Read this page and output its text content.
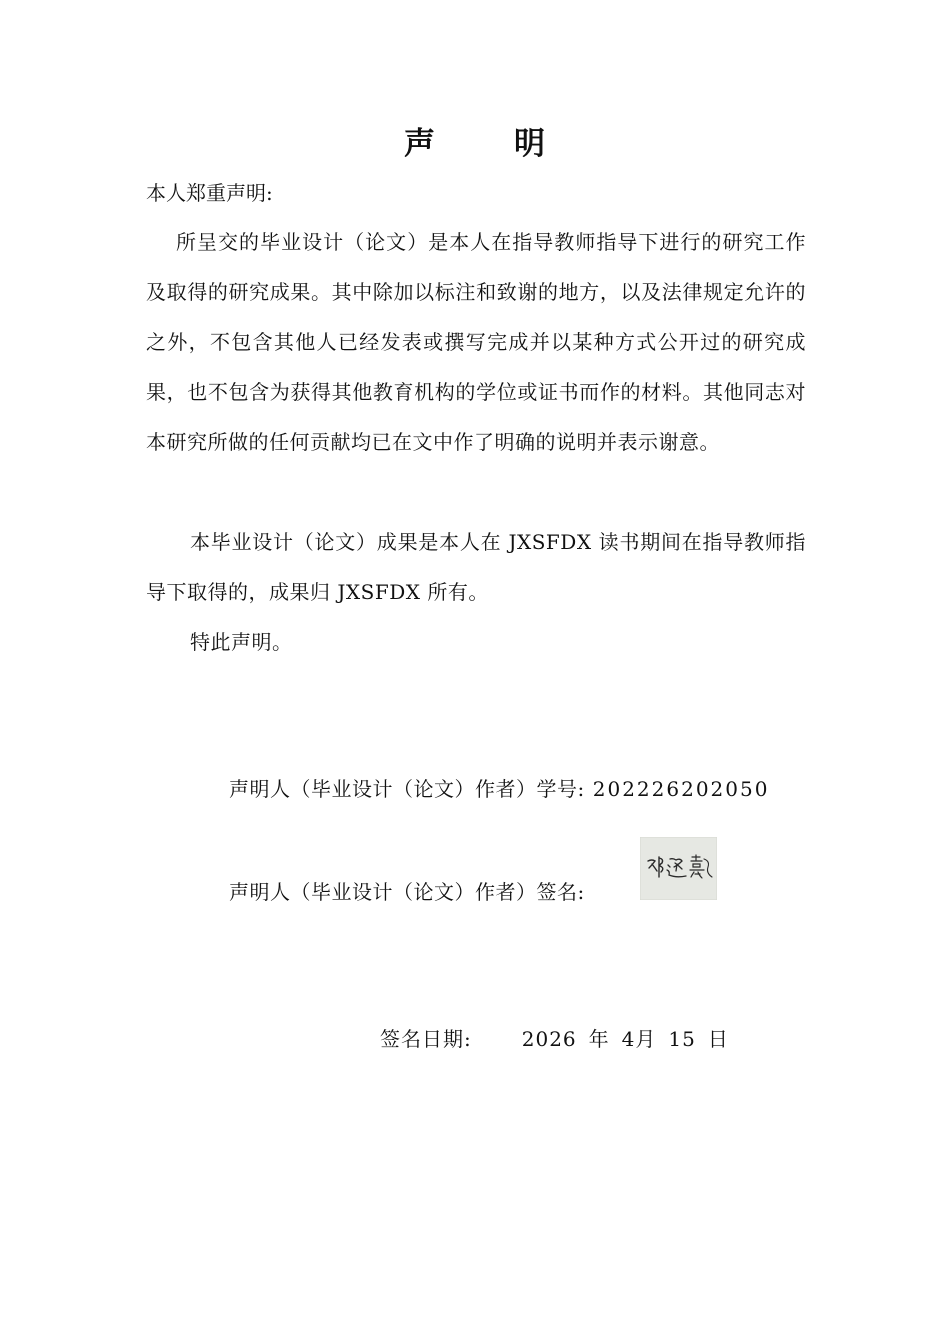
声	明
本人郑重声明:
所呈交的毕业设计（论文）是本人在指导教师指导下进行的研究工作及取得的研究成果。其中除加以标注和致谢的地方，以及法律规定允许的之外，不包含其他人已经发表或撰写完成并以某种方式公开过的研究成果，也不包含为获得其他教育机构的学位或证书而作的材料。其他同志对本研究所做的任何贡献均已在文中作了明确的说明并表示谢意。
本毕业设计（论文）成果是本人在 JXSFDX 读书期间在指导教师指导下取得的，成果归 JXSFDX 所有。
特此声明。
声明人（毕业设计（论文）作者）学号: 202226202050
声明人（毕业设计（论文）作者）签名:
签名日期:	2026 年 4月 15 日
